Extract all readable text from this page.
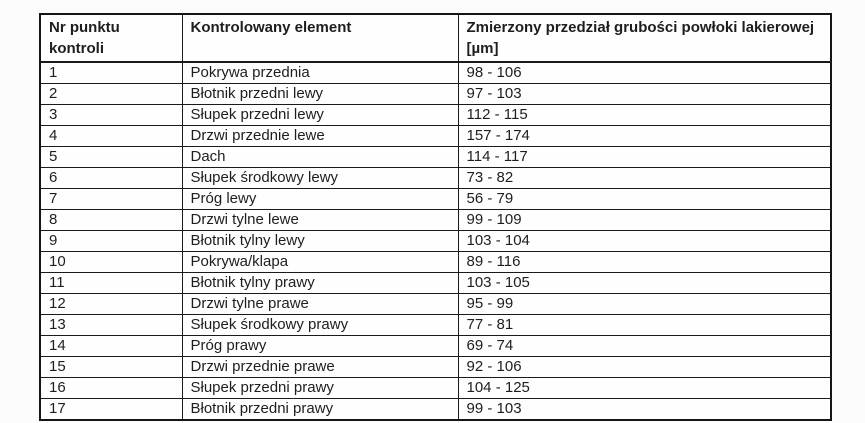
Nr punktu kontroli	Kontrolowany element	Zmierzony przedział grubości powłoki lakierowej [µm]
1	Pokrywa przednia	98 - 106
2	Błotnik przedni lewy	97 - 103
3	Słupek przedni lewy	112 - 115
4	Drzwi przednie lewe	157 - 174
5	Dach	114 - 117
6	Słupek środkowy lewy	73 - 82
7	Próg lewy	56 - 79
8	Drzwi tylne lewe	99 - 109
9	Błotnik tylny lewy	103 - 104
10	Pokrywa/klapa	89 - 116
11	Błotnik tylny prawy	103 - 105
12	Drzwi tylne prawe	95 - 99
13	Słupek środkowy prawy	77 - 81
14	Próg prawy	69 - 74
15	Drzwi przednie prawe	92 - 106
16	Słupek przedni prawy	104 - 125
17	Błotnik przedni prawy	99 - 103
